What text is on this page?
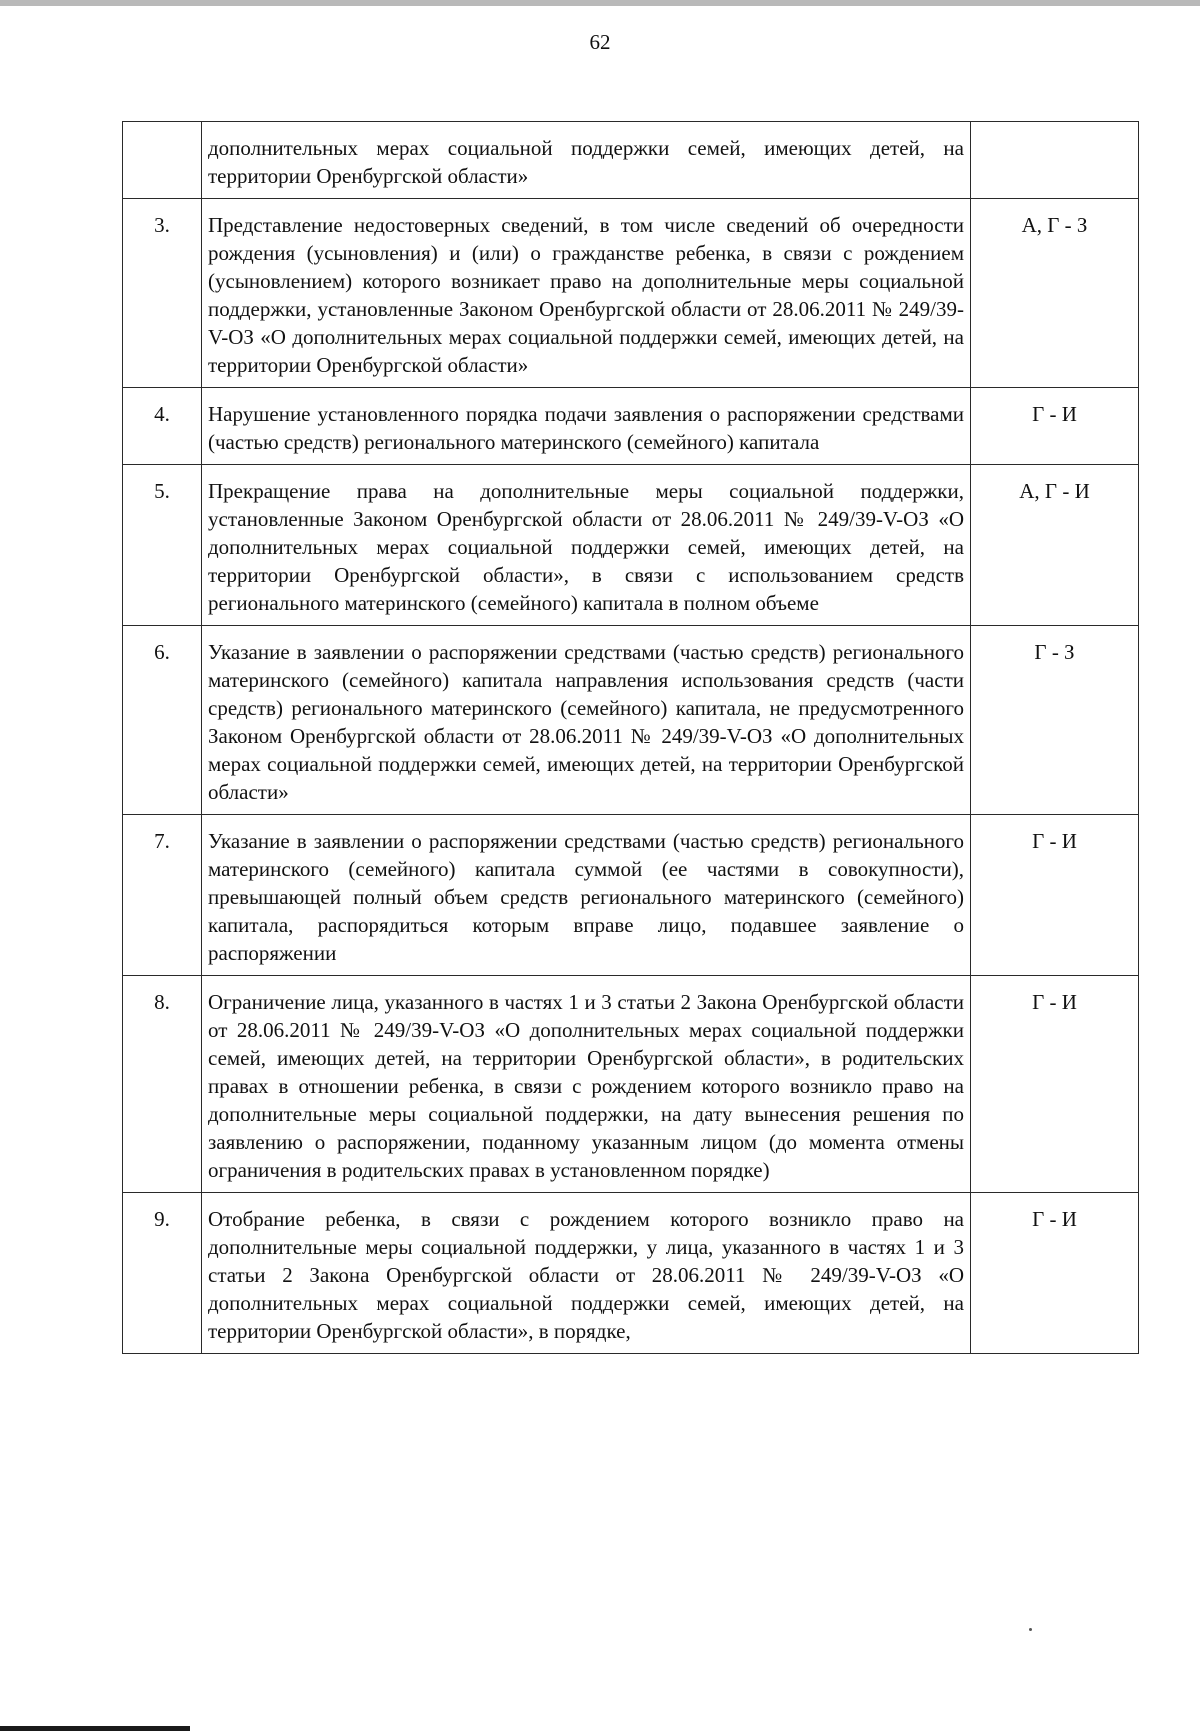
62
	дополнительных мерах социальной поддержки семей, имеющих детей, на территории Оренбургской области»	
3.	Представление недостоверных сведений, в том числе сведений об очередности рождения (усыновления) и (или) о гражданстве ребенка, в связи с рождением (усыновлением) которого возникает право на дополнительные меры социальной поддержки, установленные Законом Оренбургской области от 28.06.2011 № 249/39-V-ОЗ «О дополнительных мерах социальной поддержки семей, имеющих детей, на территории Оренбургской области»	А, Г - З
4.	Нарушение установленного порядка подачи заявления о распоряжении средствами (частью средств) регионального материнского (семейного) капитала	Г - И
5.	Прекращение права на дополнительные меры социальной поддержки, установленные Законом Оренбургской области от 28.06.2011 № 249/39-V-ОЗ «О дополнительных мерах социальной поддержки семей, имеющих детей, на территории Оренбургской области», в связи с использованием средств регионального материнского (семейного) капитала в полном объеме	А, Г - И
6.	Указание в заявлении о распоряжении средствами (частью средств) регионального материнского (семейного) капитала направления использования средств (части средств) регионального материнского (семейного) капитала, не предусмотренного Законом Оренбургской области от 28.06.2011 № 249/39-V-ОЗ «О дополнительных мерах социальной поддержки семей, имеющих детей, на территории Оренбургской области»	Г - З
7.	Указание в заявлении о распоряжении средствами (частью средств) регионального материнского (семейного) капитала суммой (ее частями в совокупности), превышающей полный объем средств регионального материнского (семейного) капитала, распорядиться которым вправе лицо, подавшее заявление о распоряжении	Г - И
8.	Ограничение лица, указанного в частях 1 и 3 статьи 2 Закона Оренбургской области от 28.06.2011 № 249/39-V-ОЗ «О дополнительных мерах социальной поддержки семей, имеющих детей, на территории Оренбургской области», в родительских правах в отношении ребенка, в связи с рождением которого возникло право на дополнительные меры социальной поддержки, на дату вынесения решения по заявлению о распоряжении, поданному указанным лицом (до момента отмены ограничения в родительских правах в установленном порядке)	Г - И
9.	Отобрание ребенка, в связи с рождением которого возникло право на дополнительные меры социальной поддержки, у лица, указанного в частях 1 и 3 статьи 2 Закона Оренбургской области от 28.06.2011 № 249/39-V-ОЗ «О дополнительных мерах социальной поддержки семей, имеющих детей, на территории Оренбургской области», в порядке,	Г - И
